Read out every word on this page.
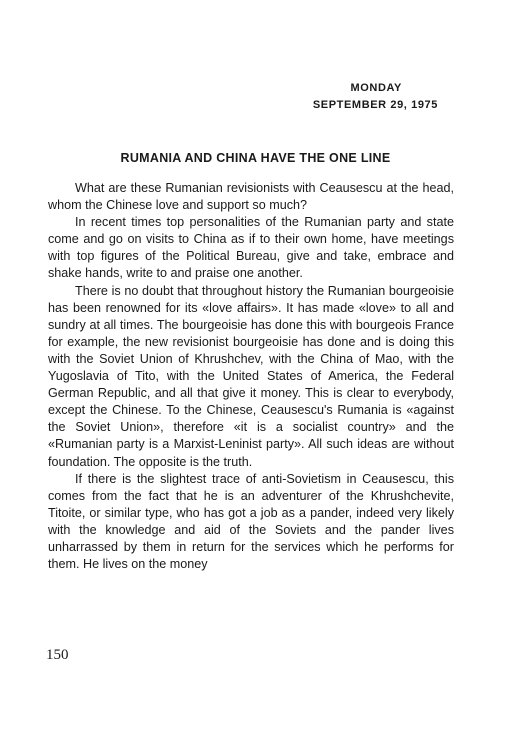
MONDAY
SEPTEMBER 29, 1975
RUMANIA AND CHINA HAVE THE ONE LINE

What are these Rumanian revisionists with Ceausescu at the head, whom the Chinese love and support so much?

In recent times top personalities of the Rumanian party and state come and go on visits to China as if to their own home, have meetings with top figures of the Political Bureau, give and take, embrace and shake hands, write to and praise one another.

There is no doubt that throughout history the Rumanian bourgeoisie has been renowned for its «love affairs». It has made «love» to all and sundry at all times. The bourgeoisie has done this with bourgeois France for example, the new revisionist bourgeoisie has done and is doing this with the Soviet Union of Khrushchev, with the China of Mao, with the Yugoslavia of Tito, with the United States of America, the Federal German Republic, and all that give it money. This is clear to everybody, except the Chinese. To the Chinese, Ceausescu's Rumania is «against the Soviet Union», therefore «it is a socialist country» and the «Rumanian party is a Marxist-Leninist party». All such ideas are without foundation. The opposite is the truth.

If there is the slightest trace of anti-Sovietism in Ceausescu, this comes from the fact that he is an adventurer of the Khrushchevite, Titoite, or similar type, who has got a job as a pander, indeed very likely with the knowledge and aid of the Soviets and the pander lives unharrassed by them in return for the services which he performs for them. He lives on the money

150
